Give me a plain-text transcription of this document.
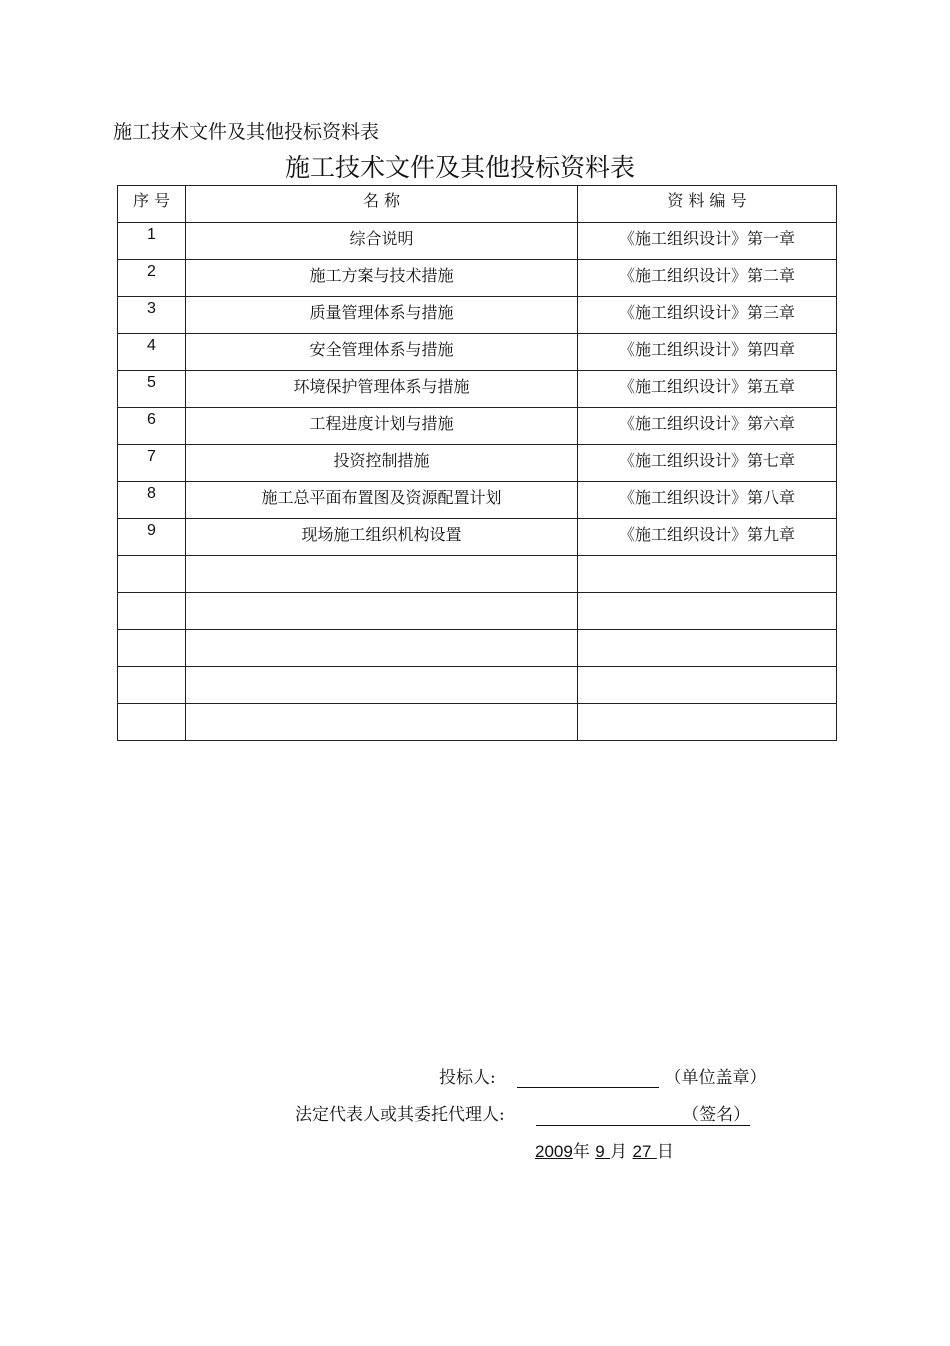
施工技术文件及其他投标资料表
施工技术文件及其他投标资料表
序 号	名 称	资 料 编 号
1	综合说明	《施工组织设计》第一章
2	施工方案与技术措施	《施工组织设计》第二章
3	质量管理体系与措施	《施工组织设计》第三章
4	安全管理体系与措施	《施工组织设计》第四章
5	环境保护管理体系与措施	《施工组织设计》第五章
6	工程进度计划与措施	《施工组织设计》第六章
7	投资控制措施	《施工组织设计》第七章
8	施工总平面布置图及资源配置计划	《施工组织设计》第八章
9	现场施工组织机构设置	《施工组织设计》第九章

投标人:	（单位盖章）
法定代表人或其委托代理人:	（签名）
2009年 9 月 27 日
